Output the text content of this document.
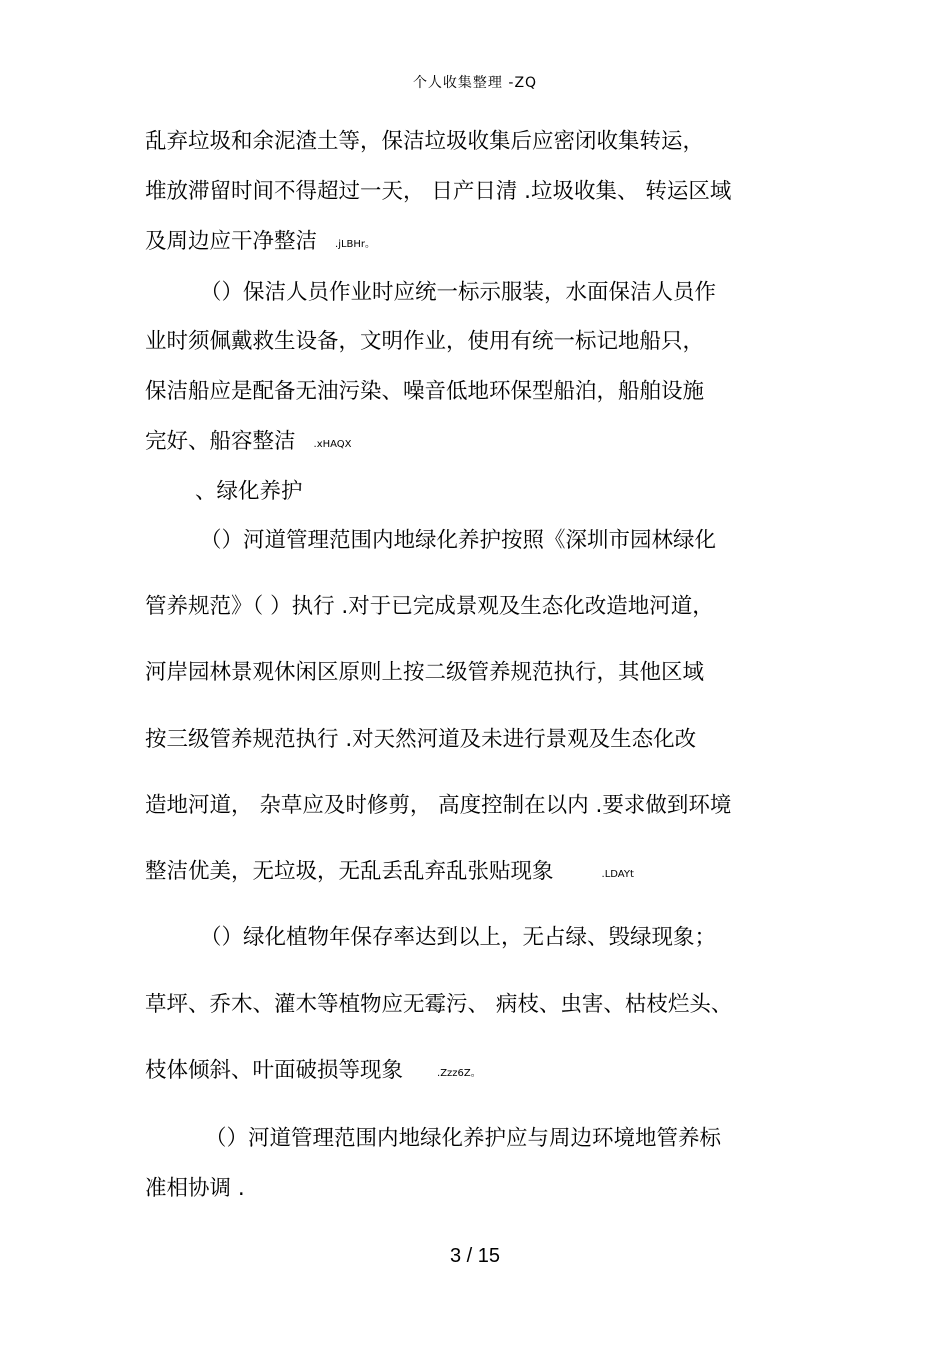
个人收集整理 -ZQ
乱弃垃圾和余泥渣土等，保洁垃圾收集后应密闭收集转运，
堆放滞留时间不得超过一天， 日产日清 .垃圾收集、 转运区域
及周边应干净整洁 .jLBHr。
（）保洁人员作业时应统一标示服装，水面保洁人员作
业时须佩戴救生设备，文明作业，使用有统一标记地船只，
保洁船应是配备无油污染、噪音低地环保型船泊，船舶设施
完好、船容整洁 .xHAQX
、绿化养护
（）河道管理范围内地绿化养护按照《深圳市园林绿化
管养规范》（ ）执行 .对于已完成景观及生态化改造地河道，
河岸园林景观休闲区原则上按二级管养规范执行，其他区域
按三级管养规范执行 .对天然河道及未进行景观及生态化改
造地河道， 杂草应及时修剪， 高度控制在以内 .要求做到环境
整洁优美，无垃圾，无乱丢乱弃乱张贴现象	.LDAYt
（）绿化植物年保存率达到以上，无占绿、毁绿现象；
草坪、乔木、灌木等植物应无霉污、 病枝、虫害、枯枝烂头、
枝体倾斜、叶面破损等现象	.Zzz6Z。
（）河道管理范围内地绿化养护应与周边环境地管养标
准相协调 .
3 / 15
